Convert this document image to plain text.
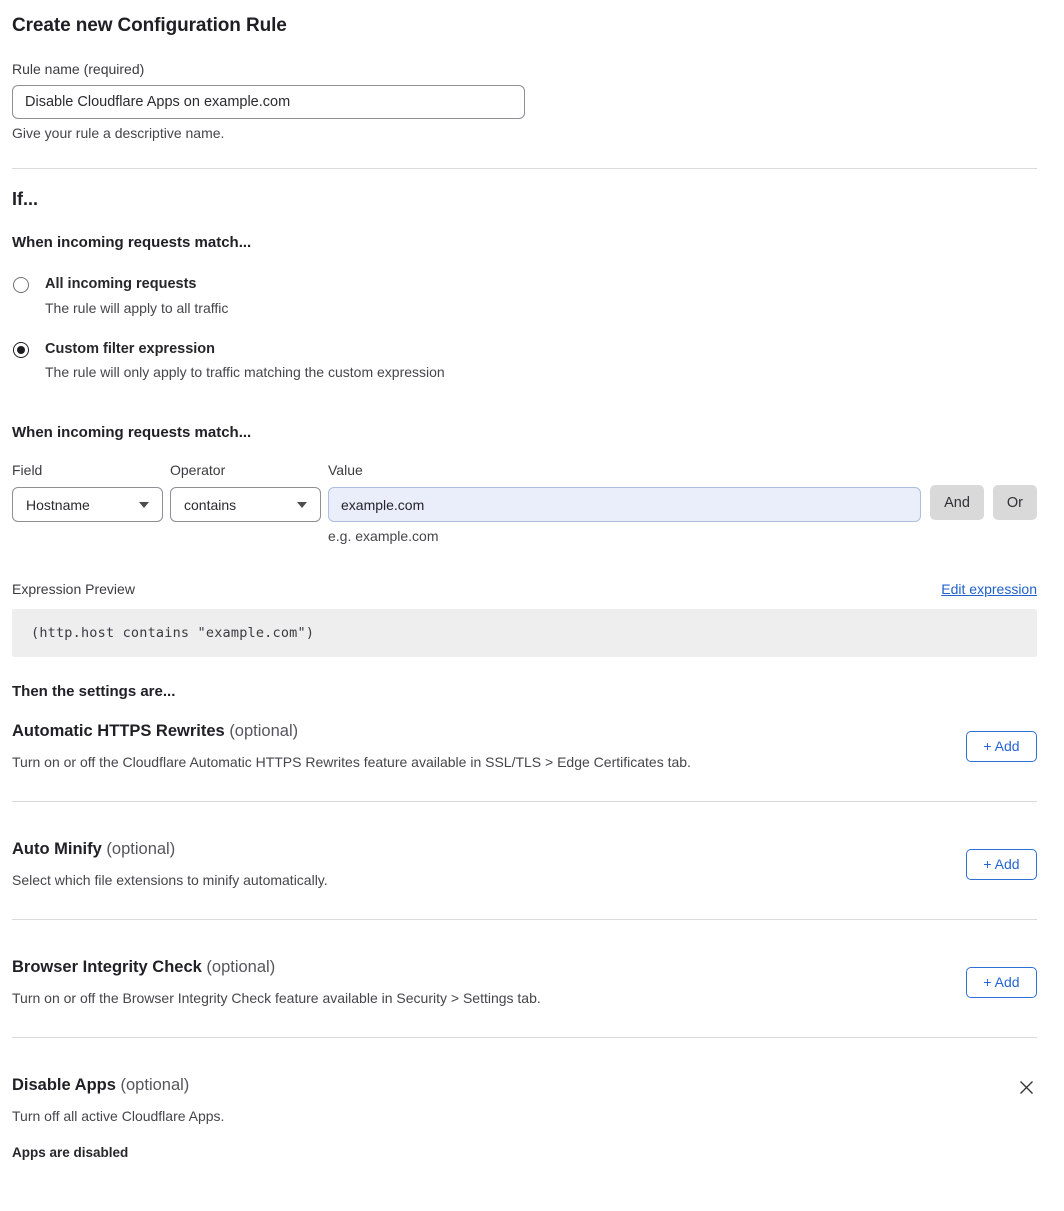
Create new Configuration Rule
Rule name (required)
Disable Cloudflare Apps on example.com
Give your rule a descriptive name.
If...
When incoming requests match...
All incoming requests
The rule will apply to all traffic
Custom filter expression
The rule will only apply to traffic matching the custom expression
When incoming requests match...
Field
Hostname
Operator
contains
Value
example.com
e.g. example.com
And	Or
Expression Preview	Edit expression
(http.host contains "example.com")
Then the settings are...
Automatic HTTPS Rewrites (optional)
Turn on or off the Cloudflare Automatic HTTPS Rewrites feature available in SSL/TLS > Edge Certificates tab.
+ Add
Auto Minify (optional)
Select which file extensions to minify automatically.
+ Add
Browser Integrity Check (optional)
Turn on or off the Browser Integrity Check feature available in Security > Settings tab.
+ Add
Disable Apps (optional)
Turn off all active Cloudflare Apps.
Apps are disabled
